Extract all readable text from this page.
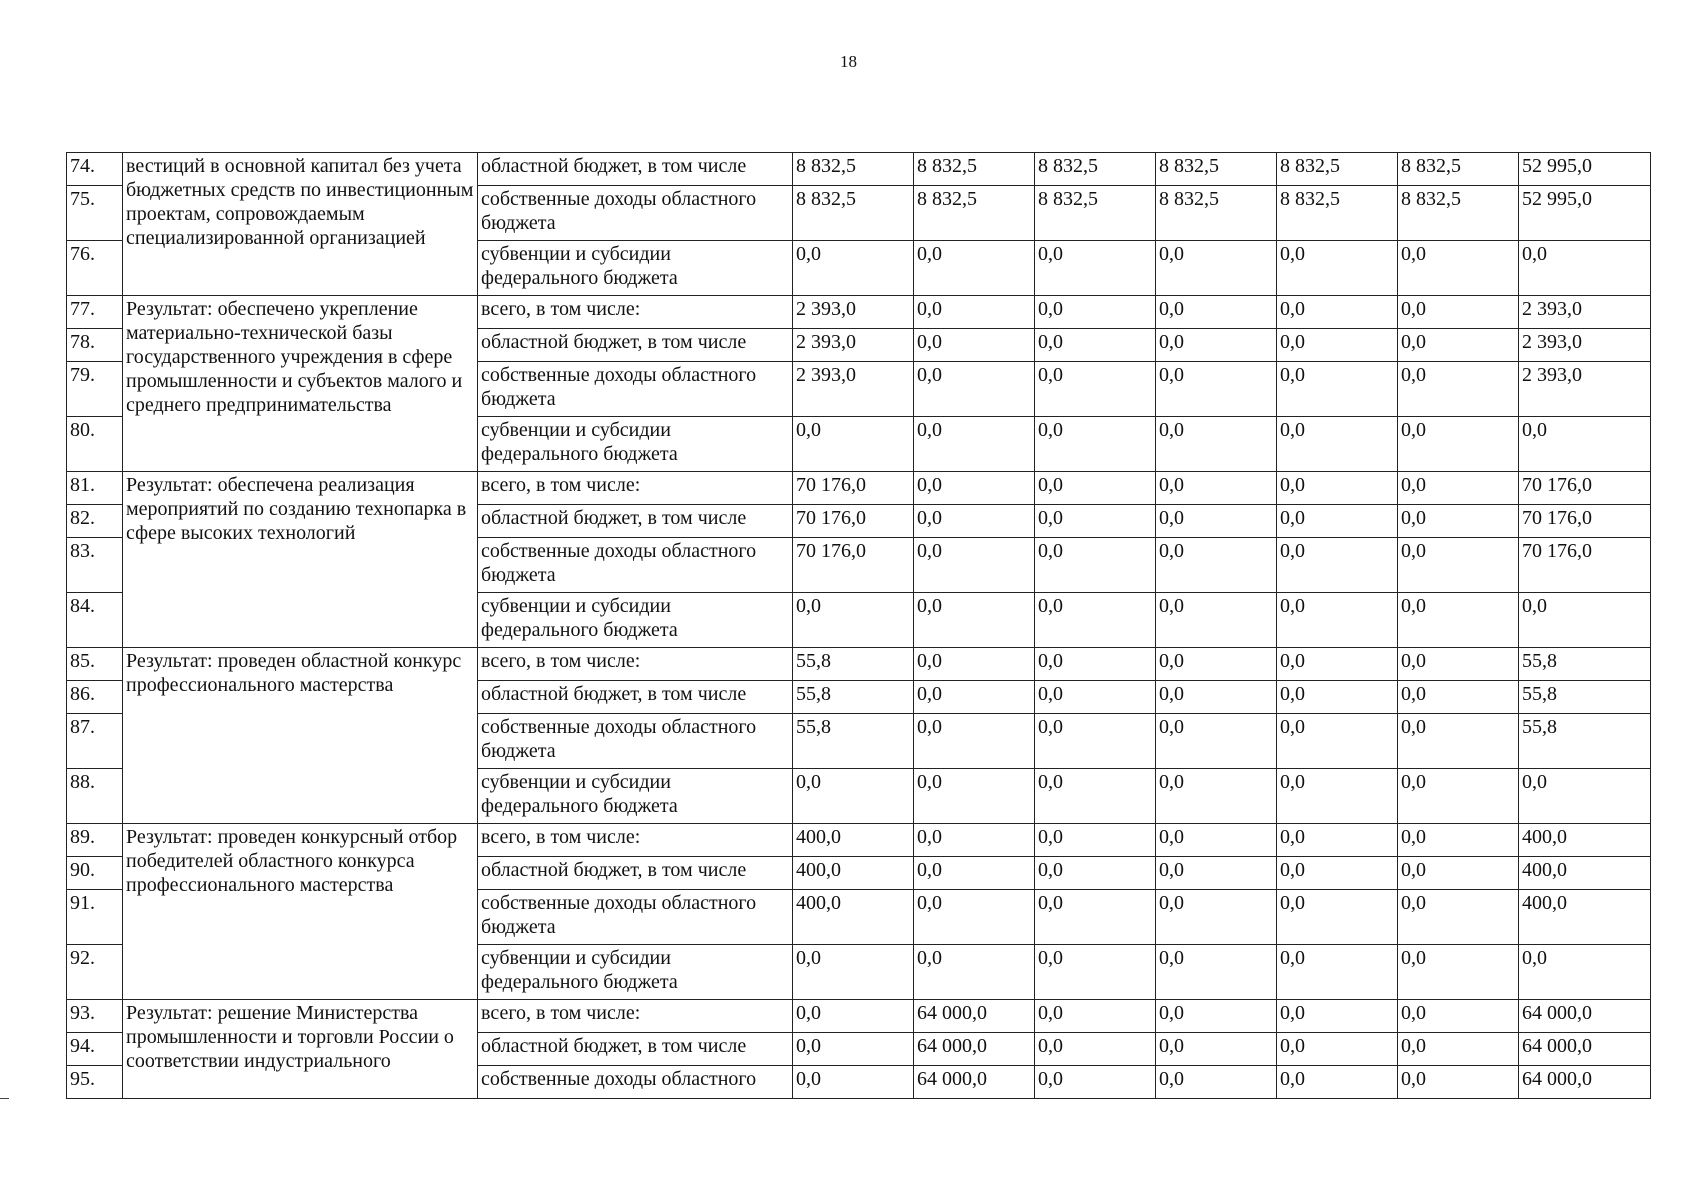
18
74.	вестиций в основной капитал без учета бюджетных средств по инвестиционным проектам, сопровождаемым специализированной организацией	областной бюджет, в том числе	8 832,5	8 832,5	8 832,5	8 832,5	8 832,5	8 832,5	52 995,0
75.		собственные доходы областного бюджета	8 832,5	8 832,5	8 832,5	8 832,5	8 832,5	8 832,5	52 995,0
76.		субвенции и субсидии федерального бюджета	0,0	0,0	0,0	0,0	0,0	0,0	0,0
77.	Результат: обеспечено укрепление материально-технической базы государственного учреждения в сфере промышленности и субъектов малого и среднего предпринимательства	всего, в том числе:	2 393,0	0,0	0,0	0,0	0,0	0,0	2 393,0
78.		областной бюджет, в том числе	2 393,0	0,0	0,0	0,0	0,0	0,0	2 393,0
79.		собственные доходы областного бюджета	2 393,0	0,0	0,0	0,0	0,0	0,0	2 393,0
80.		субвенции и субсидии федерального бюджета	0,0	0,0	0,0	0,0	0,0	0,0	0,0
81.	Результат: обеспечена реализация мероприятий по созданию технопарка в сфере высоких технологий	всего, в том числе:	70 176,0	0,0	0,0	0,0	0,0	0,0	70 176,0
82.		областной бюджет, в том числе	70 176,0	0,0	0,0	0,0	0,0	0,0	70 176,0
83.		собственные доходы областного бюджета	70 176,0	0,0	0,0	0,0	0,0	0,0	70 176,0
84.		субвенции и субсидии федерального бюджета	0,0	0,0	0,0	0,0	0,0	0,0	0,0
85.	Результат: проведен областной конкурс профессионального мастерства	всего, в том числе:	55,8	0,0	0,0	0,0	0,0	0,0	55,8
86.		областной бюджет, в том числе	55,8	0,0	0,0	0,0	0,0	0,0	55,8
87.		собственные доходы областного бюджета	55,8	0,0	0,0	0,0	0,0	0,0	55,8
88.		субвенции и субсидии федерального бюджета	0,0	0,0	0,0	0,0	0,0	0,0	0,0
89.	Результат: проведен конкурсный отбор победителей областного конкурса профессионального мастерства	всего, в том числе:	400,0	0,0	0,0	0,0	0,0	0,0	400,0
90.		областной бюджет, в том числе	400,0	0,0	0,0	0,0	0,0	0,0	400,0
91.		собственные доходы областного бюджета	400,0	0,0	0,0	0,0	0,0	0,0	400,0
92.		субвенции и субсидии федерального бюджета	0,0	0,0	0,0	0,0	0,0	0,0	0,0
93.	Результат: решение Министерства промышленности и торговли России о соответствии индустриального	всего, в том числе:	0,0	64 000,0	0,0	0,0	0,0	0,0	64 000,0
94.		областной бюджет, в том числе	0,0	64 000,0	0,0	0,0	0,0	0,0	64 000,0
95.		собственные доходы областного	0,0	64 000,0	0,0	0,0	0,0	0,0	64 000,0
